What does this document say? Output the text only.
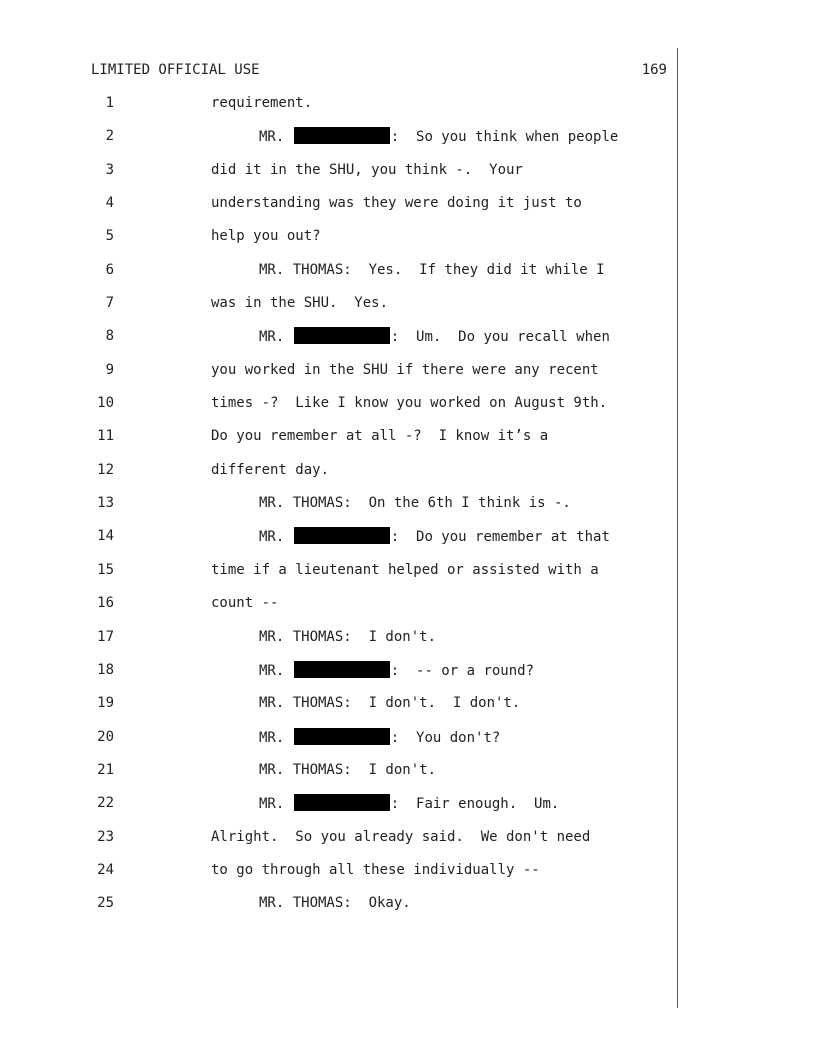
LIMITED OFFICIAL USE	169
1	requirement.
2	MR.	:  So you think when people
3	did it in the SHU, you think -.  Your
4	understanding was they were doing it just to
5	help you out?
6	MR. THOMAS:  Yes.  If they did it while I
7	was in the SHU.  Yes.
8	MR.	:  Um.  Do you recall when
9	you worked in the SHU if there were any recent
10	times -?  Like I know you worked on August 9th.
11	Do you remember at all -?  I know it’s a
12	different day.
13	MR. THOMAS:  On the 6th I think is -.
14	MR.	:  Do you remember at that
15	time if a lieutenant helped or assisted with a
16	count --
17	MR. THOMAS:  I don't.
18	MR.	:  -- or a round?
19	MR. THOMAS:  I don't.  I don't.
20	MR.	:  You don't?
21	MR. THOMAS:  I don't.
22	MR.	:  Fair enough.  Um.
23	Alright.  So you already said.  We don't need
24	to go through all these individually --
25	MR. THOMAS:  Okay.
